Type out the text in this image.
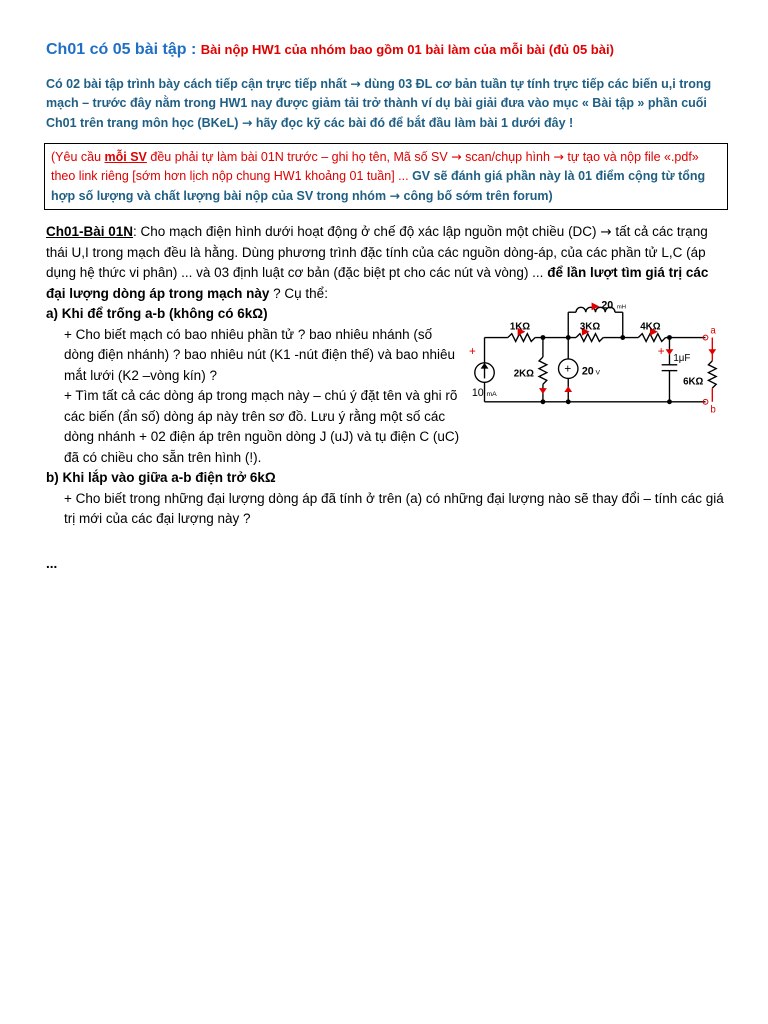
Ch01 có 05 bài tập : Bài nộp HW1 của nhóm bao gồm 01 bài làm của mỗi bài (đủ 05 bài)

Có 02 bài tập trình bày cách tiếp cận trực tiếp nhất → dùng 03 ĐL cơ bản tuần tự tính trực tiếp các biến u,i trong mạch – trước đây nằm trong HW1 nay được giảm tải trở thành ví dụ bài giải đưa vào mục « Bài tập » phần cuối Ch01 trên trang môn học (BKeL) → hãy đọc kỹ các bài đó để bắt đầu làm bài 1 dưới đây !

(Yêu cầu mỗi SV đều phải tự làm bài 01N trước – ghi họ tên, Mã số SV → scan/chụp hình → tự tạo và nộp file «.pdf» theo link riêng [sớm hơn lịch nộp chung HW1 khoảng 01 tuần] ... GV sẽ đánh giá phần này là 01 điểm cộng từ tổng hợp số lượng và chất lượng bài nộp của SV trong nhóm → công bố sớm trên forum)

Ch01-Bài 01N: Cho mạch điện hình dưới hoạt động ở chế độ xác lập nguồn một chiều (DC) → tất cả các trạng thái U,I trong mạch đều là hằng. Dùng phương trình đặc tính của các nguồn dòng-áp, của các phần tử L,C (áp dụng hệ thức vi phân) ... và 03 định luật cơ bản (đặc biệt pt cho các nút và vòng) ... để lần lượt tìm giá trị các đại lượng dòng áp trong mạch này ? Cụ thể:

a) Khi để trống a-b (không có 6kΩ)

+ Cho biết mạch có bao nhiêu phần tử ? bao nhiêu nhánh (số dòng điện nhánh) ? bao nhiêu nút (K1 -nút điện thế) và bao nhiêu mắt lưới (K2 –vòng kín) ?

+ Tìm tất cả các dòng áp trong mạch này – chú ý đặt tên và ghi rõ các biến (ẩn số) dòng áp này trên sơ đồ. Lưu ý rằng một số các dòng nhánh + 02 điện áp trên nguồn dòng J (uJ) và tụ điện C (uC) đã có chiều cho sẵn trên hình (!).

20 mH
1KΩ	3KΩ	4KΩ
2KΩ	+ 20 V
10 mA
+	+
1μF
6KΩ
a
b

b) Khi lắp vào giữa a-b điện trở 6kΩ

+ Cho biết trong những đại lượng dòng áp đã tính ở trên (a) có những đại lượng nào sẽ thay đổi – tính các giá trị mới của các đại lượng này ?

...
